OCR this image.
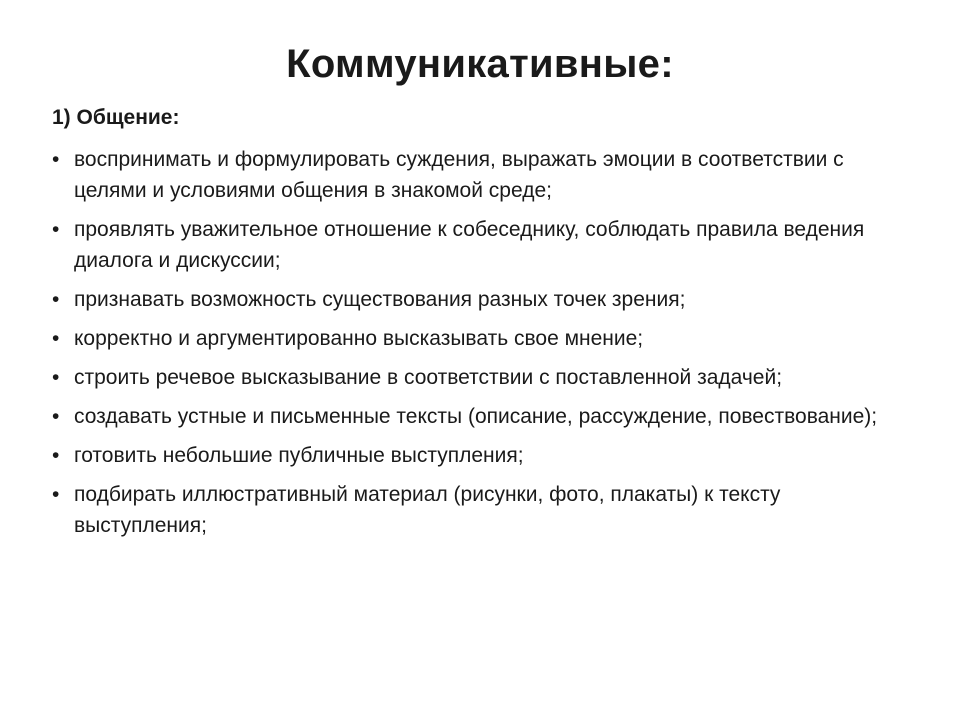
Коммуникативные:
1) Общение:
• воспринимать и формулировать суждения, выражать эмоции в соответствии с целями и условиями общения в знакомой среде;
• проявлять уважительное отношение к собеседнику, соблюдать правила ведения диалога и дискуссии;
• признавать возможность существования разных точек зрения;
• корректно и аргументированно высказывать свое мнение;
• строить речевое высказывание в соответствии с поставленной задачей;
• создавать устные и письменные тексты (описание, рассуждение, повествование);
• готовить небольшие публичные выступления;
• подбирать иллюстративный материал (рисунки, фото, плакаты) к тексту выступления;
